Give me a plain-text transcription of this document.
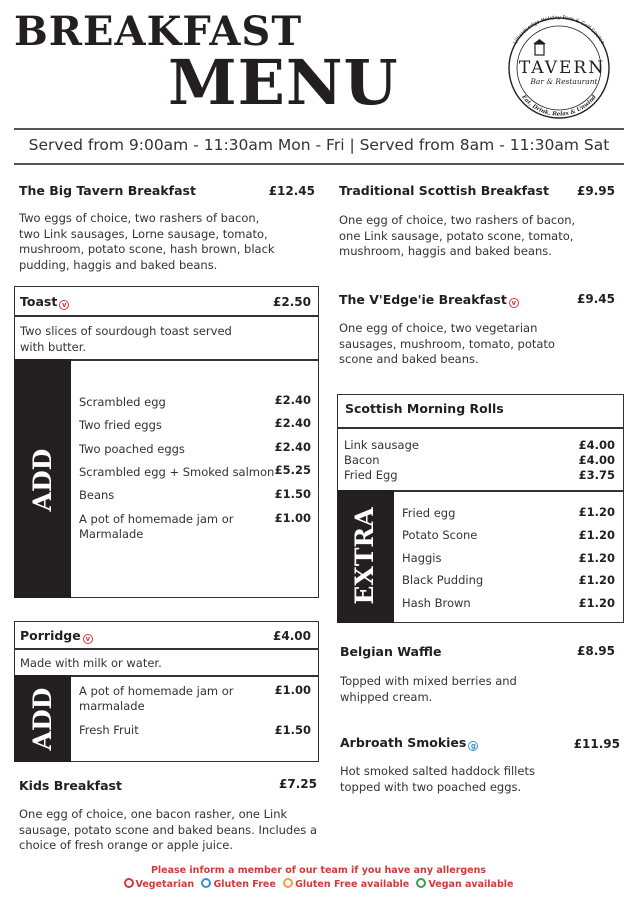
BREAKFAST
MENU
Lilliardsedge Holiday Park & Golf Course
TAVERN
Bar & Restaurant
Eat, Drink, Relax & Unwind
Served from 9:00am - 11:30am Mon - Fri | Served from 8am - 11:30am Sat
The Big Tavern Breakfast	£12.45
Two eggs of choice, two rashers of bacon, two Link sausages, Lorne sausage, tomato, mushroom, potato scone, hash brown, black pudding, haggis and baked beans.
Toast v	£2.50
Two slices of sourdough toast served with butter.
ADD
Scrambled egg	£2.40
Two fried eggs	£2.40
Two poached eggs	£2.40
Scrambled egg + Smoked salmon £5.25
Beans	£1.50
A pot of homemade jam or Marmalade
£1.00
Porridge v	£4.00
Made with milk or water.
ADD A pot of homemade jam or marmalade
£1.00
Fresh Fruit	£1.50
Kids Breakfast	£7.25
One egg of choice, one bacon rasher, one Link sausage, potato scone and baked beans. Includes a choice of fresh orange or apple juice.
Traditional Scottish Breakfast £9.95
One egg of choice, two rashers of bacon, one Link sausage, potato scone, tomato, mushroom, haggis and baked beans.
The V'Edge'ie Breakfast v	£9.45
One egg of choice, two vegetarian sausages, mushroom, tomato, potato scone and baked beans.
Scottish Morning Rolls
Link sausage	£4.00
Bacon	£4.00
Fried Egg	£3.75
EXTRA Fried egg	£1.20
Potato Scone	£1.20
Haggis	£1.20
Black Pudding	£1.20
Hash Brown	£1.20
Belgian Waffle	£8.95
Topped with mixed berries and whipped cream.
Arbroath Smokies g	£11.95
Hot smoked salted haddock fillets topped with two poached eggs.
Please inform a member of our team if you have any allergens
Vegetarian Gluten Free Gluten Free available Vegan available
